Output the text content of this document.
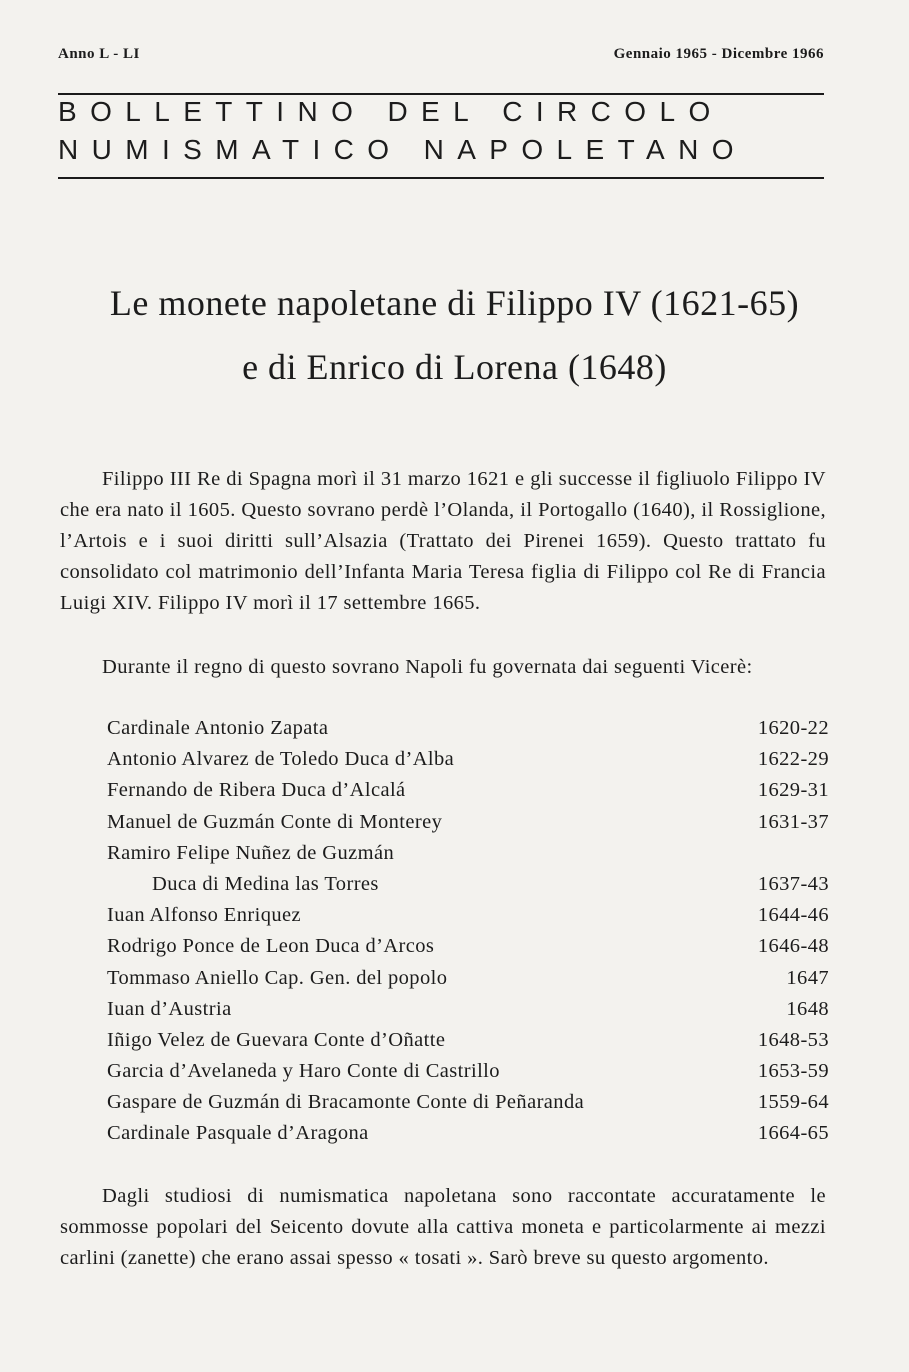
Anno L - LI	Gennaio 1965 - Dicembre 1966
BOLLETTINO DEL CIRCOLO
NUMISMATICO NAPOLETANO
Le monete napoletane di Filippo IV (1621-65)
e di Enrico di Lorena (1648)
Filippo III Re di Spagna morì il 31 marzo 1621 e gli successe il figliuolo Filippo IV che era nato il 1605. Questo sovrano perdè l’Olanda, il Portogallo (1640), il Rossiglione, l’Artois e i suoi diritti sull’Alsazia (Trattato dei Pirenei 1659). Questo trattato fu consolidato col matrimonio dell’Infanta Maria Teresa figlia di Filippo col Re di Francia Luigi XIV. Filippo IV morì il 17 settembre 1665.
Durante il regno di questo sovrano Napoli fu governata dai seguenti Vicerè:
Cardinale Antonio Zapata	1620-22
Antonio Alvarez de Toledo Duca d’Alba	1622-29
Fernando de Ribera Duca d’Alcalá	1629-31
Manuel de Guzmán Conte di Monterey	1631-37
Ramiro Felipe Nuñez de Guzmán
Duca di Medina las Torres	1637-43
Iuan Alfonso Enriquez	1644-46
Rodrigo Ponce de Leon Duca d’Arcos	1646-48
Tommaso Aniello Cap. Gen. del popolo	1647
Iuan d’Austria	1648
Iñigo Velez de Guevara Conte d’Oñatte	1648-53
Garcia d’Avelaneda y Haro Conte di Castrillo	1653-59
Gaspare de Guzmán di Bracamonte Conte di Peñaranda	1559-64
Cardinale Pasquale d’Aragona	1664-65
Dagli studiosi di numismatica napoletana sono raccontate accuratamente le sommosse popolari del Seicento dovute alla cattiva moneta e particolarmente ai mezzi carlini (zanette) che erano assai spesso « tosati ». Sarò breve su questo argomento.
